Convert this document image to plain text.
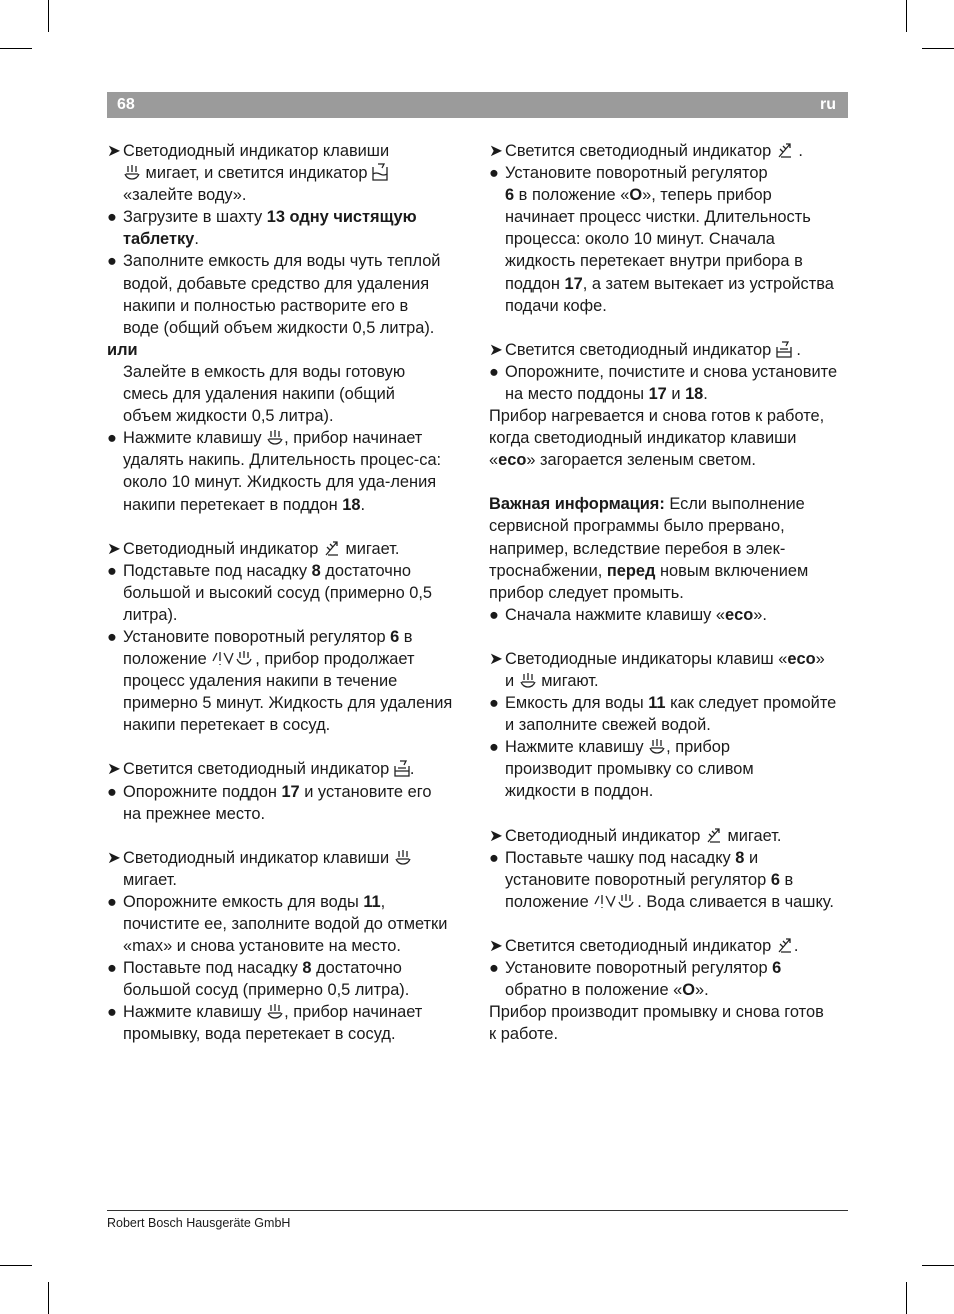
68	ru

➤ Светодиодный индикатор клавиши
мигает, и светится индикатор
«залейте воду».

● Загрузите в шахту 13 одну чистящую таблетку.

● Заполните емкость для воды чуть теплой водой, добавьте средство для удаления накипи и полностью растворите его в воде (общий объем жидкости 0,5 литра).

или

Залейте в емкость для воды готовую смесь для удаления накипи (общий объем жидкости 0,5 литра).

● Нажмите клавишу , прибор начинает удалять накипь. Длительность процес-са: около 10 минут. Жидкость для уда-ления накипи перетекает в поддон 18.

➤ Светодиодный индикатор  мигает.

● Подставьте под насадку 8 достаточно большой и высокий сосуд (примерно 0,5 литра).

● Установите поворотный регулятор 6 в положение	, прибор продолжает процесс удаления накипи в течение примерно 5 минут. Жидкость для удаления накипи перетекает в сосуд.

➤ Светится светодиодный индикатор .

● Опорожните поддон 17 и установите его на прежнее место.

➤ Светодиодный индикатор клавиши
мигает.

● Опорожните емкость для воды 11, почистите ее, заполните водой до отметки «max» и снова установите на место.

● Поставьте под насадку 8 достаточно большой сосуд (примерно 0,5 литра).

● Нажмите клавишу , прибор начинает промывку, вода перетекает в сосуд.

➤ Светится светодиодный индикатор  .

● Установите поворотный регулятор
6 в положение «O», теперь прибор начинает процесс чистки. Длительность процесса: около 10 минут. Сначала жидкость перетекает внутри прибора в поддон 17, а затем вытекает из устройства подачи кофе.

➤ Светится светодиодный индикатор  .

● Опорожните, почистите и снова установите на место поддоны 17 и 18.

Прибор нагревается и снова готов к работе, когда светодиодный индикатор клавиши «eco» загорается зеленым светом.

Важная информация: Если выполнение сервисной программы было прервано, например, вследствие перебоя в элек-троснабжении, перед новым включением прибор следует промыть.

● Сначала нажмите клавишу «eco».

➤ Светодиодные индикаторы клавиш «eco» и  мигают.

● Емкость для воды 11 как следует промойте и заполните свежей водой.

● Нажмите клавишу , прибор производит промывку со сливом жидкости в поддон.

➤ Светодиодный индикатор  мигает.

● Поставьте чашку под насадку 8 и установите поворотный регулятор 6 в положение	. Вода сливается в чашку.

➤ Светится светодиодный индикатор .

● Установите поворотный регулятор 6 обратно в положение «O».

Прибор производит промывку и снова готов к работе.

Robert Bosch Hausgeräte GmbH
